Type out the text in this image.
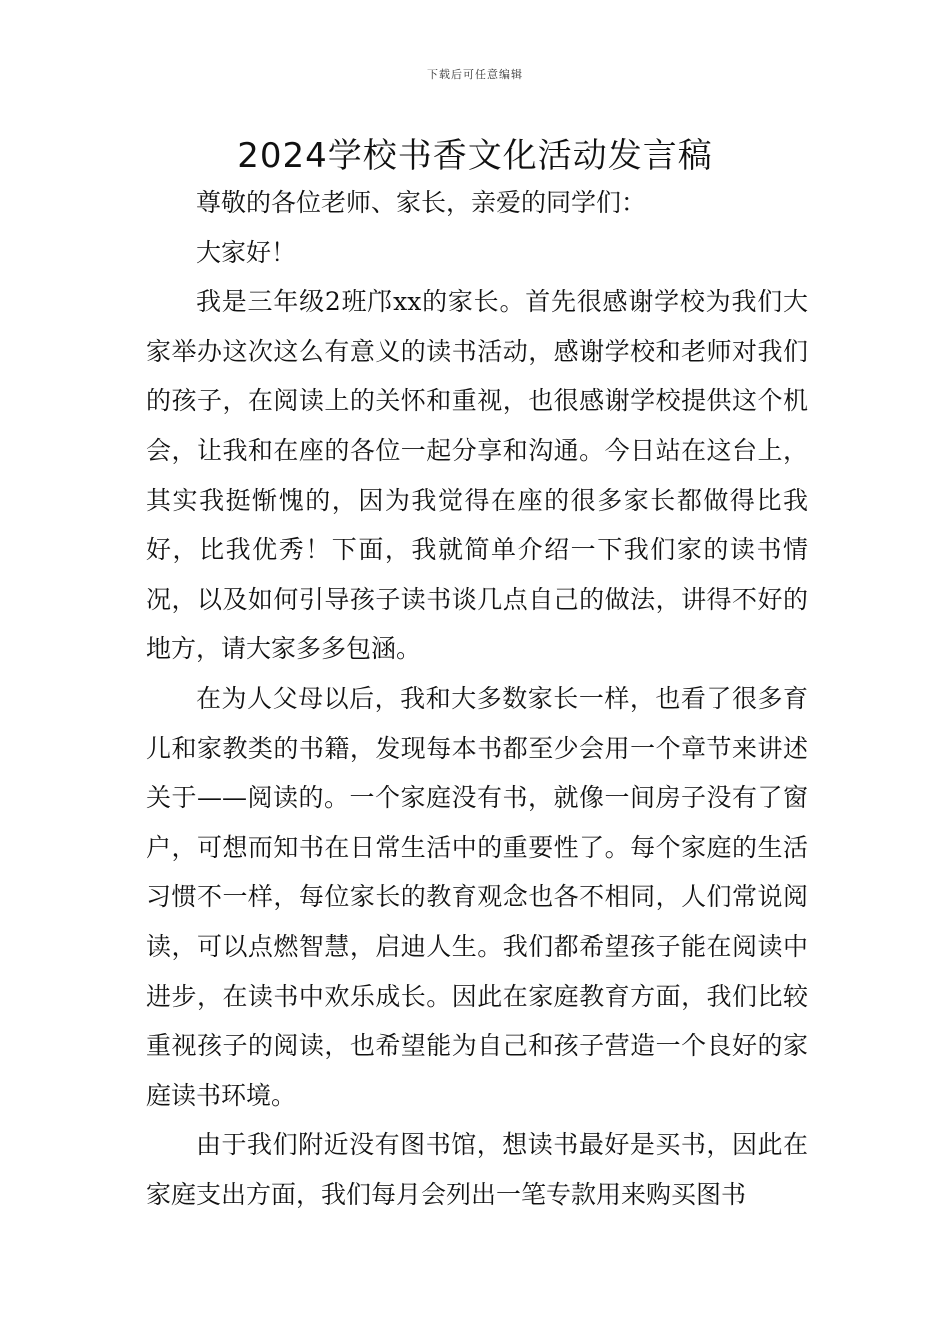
下载后可任意编辑
2024学校书香文化活动发言稿

尊敬的各位老师、家长，亲爱的同学们：

大家好！

我是三年级2班邝xx的家长。首先很感谢学校为我们大家举办这次这么有意义的读书活动，感谢学校和老师对我们的孩子，在阅读上的关怀和重视，也很感谢学校提供这个机会，让我和在座的各位一起分享和沟通。今日站在这台上，其实我挺惭愧的，因为我觉得在座的很多家长都做得比我好，比我优秀！下面，我就简单介绍一下我们家的读书情况，以及如何引导孩子读书谈几点自己的做法，讲得不好的地方，请大家多多包涵。

在为人父母以后，我和大多数家长一样，也看了很多育儿和家教类的书籍，发现每本书都至少会用一个章节来讲述关于——阅读的。一个家庭没有书，就像一间房子没有了窗户，可想而知书在日常生活中的重要性了。每个家庭的生活习惯不一样，每位家长的教育观念也各不相同，人们常说阅读，可以点燃智慧，启迪人生。我们都希望孩子能在阅读中进步，在读书中欢乐成长。因此在家庭教育方面，我们比较重视孩子的阅读，也希望能为自己和孩子营造一个良好的家庭读书环境。

由于我们附近没有图书馆，想读书最好是买书，因此在家庭支出方面，我们每月会列出一笔专款用来购买图书
